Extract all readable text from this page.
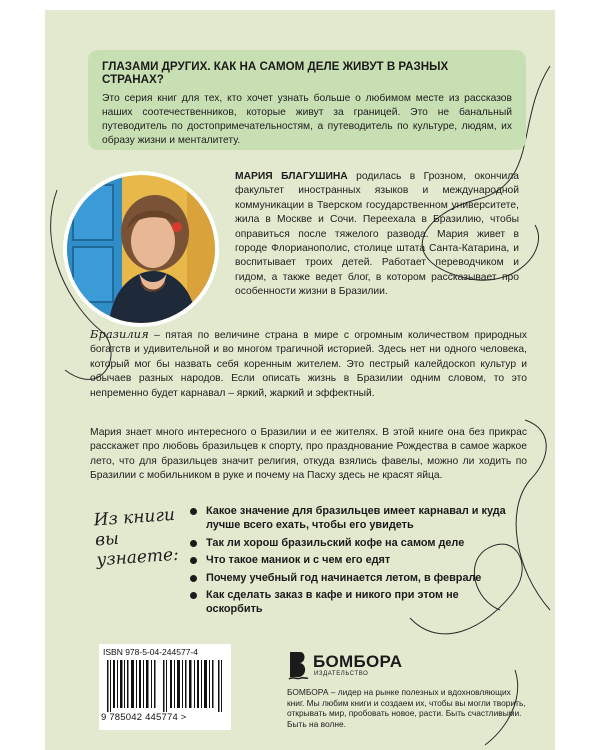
ГЛАЗАМИ ДРУГИХ. КАК НА САМОМ ДЕЛЕ ЖИВУТ В РАЗНЫХ СТРАНАХ?
Это серия книг для тех, кто хочет узнать больше о любимом месте из рассказов наших соотечественников, которые живут за границей. Это не банальный путеводитель по достопримечательностям, а путеводитель по культуре, людям, их образу жизни и менталитету.
МАРИЯ БЛАГУШИНА родилась в Грозном, окончила факультет иностранных языков и международной коммуникации в Тверском государственном университете, жила в Москве и Сочи. Переехала в Бразилию, чтобы оправиться после тяжелого развода. Мария живет в городе Флорианополис, столице штата Санта-Катарина, и воспитывает троих детей. Работает переводчиком и гидом, а также ведет блог, в котором рассказывает про особенности жизни в Бразилии.
Бразилия – пятая по величине страна в мире с огромным количеством природных богатств и удивительной и во многом трагичной историей. Здесь нет ни одного человека, который мог бы назвать себя коренным жителем. Это пестрый калейдоскоп культур и обычаев разных народов. Если описать жизнь в Бразилии одним словом, то это непременно будет карнавал – яркий, жаркий и эффектный.
Мария знает много интересного о Бразилии и ее жителях. В этой книге она без прикрас расскажет про любовь бразильцев к спорту, про празднование Рождества в самое жаркое лето, что для бразильцев значит религия, откуда взялись фавелы, можно ли ходить по Бразилии с мобильником в руке и почему на Пасху здесь не красят яйца.
Из книги вы узнаете:
Какое значение для бразильцев имеет карнавал и куда лучше всего ехать, чтобы его увидеть
Так ли хорош бразильский кофе на самом деле
Что такое маниок и с чем его едят
Почему учебный год начинается летом, в феврале
Как сделать заказ в кафе и никого при этом не оскорбить
ISBN 978-5-04-244577-4
9 785042 445774 >
БОМБОРА
ИЗДАТЕЛЬСТВО
БОМБОРА – лидер на рынке полезных и вдохновляющих книг. Мы любим книги и создаем их, чтобы вы могли творить, открывать мир, пробовать новое, расти. Быть счастливыми. Быть на волне.
